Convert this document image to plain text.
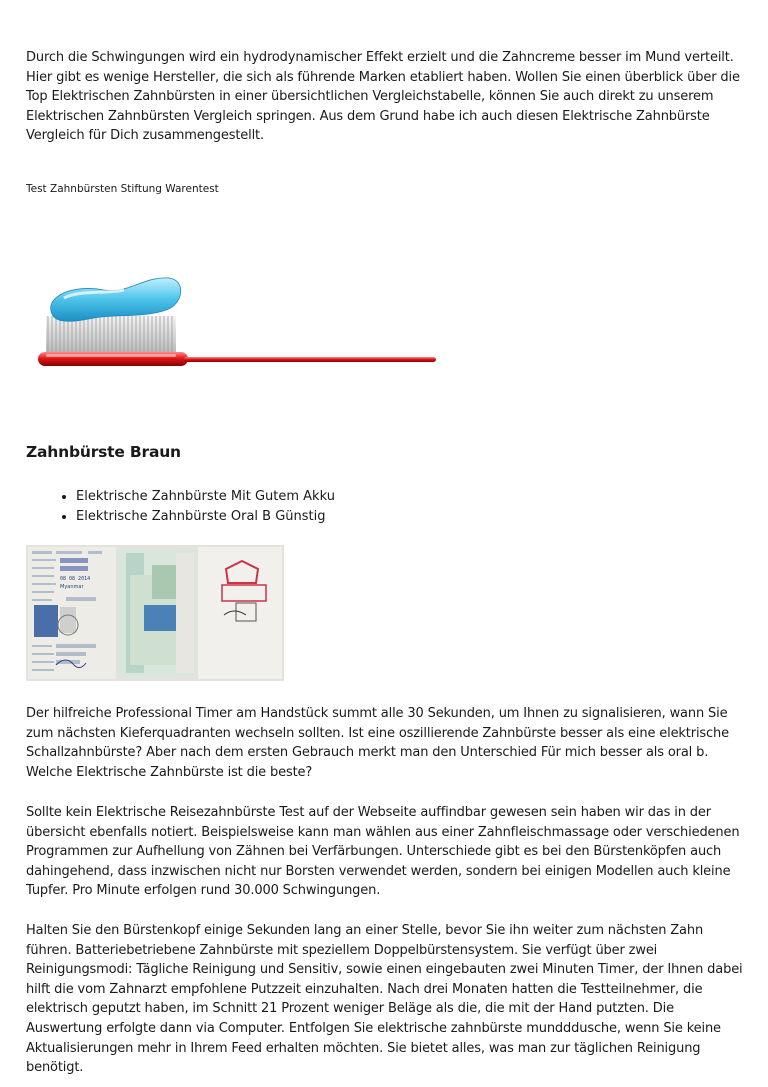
Durch die Schwingungen wird ein hydrodynamischer Effekt erzielt und die Zahncreme besser im Mund verteilt. Hier gibt es wenige Hersteller, die sich als führende Marken etabliert haben. Wollen Sie einen überblick über die Top Elektrischen Zahnbürsten in einer übersichtlichen Vergleichstabelle, können Sie auch direkt zu unserem Elektrischen Zahnbürsten Vergleich springen. Aus dem Grund habe ich auch diesen Elektrische Zahnbürste Vergleich für Dich zusammengestellt.

Test Zahnbürsten Stiftung Warentest

Zahnbürste Braun
• Elektrische Zahnbürste Mit Gutem Akku
• Elektrische Zahnbürste Oral B Günstig
08 08 2014
Myanmar

Der hilfreiche Professional Timer am Handstück summt alle 30 Sekunden, um Ihnen zu signalisieren, wann Sie zum nächsten Kieferquadranten wechseln sollten. Ist eine oszillierende Zahnbürste besser als eine elektrische Schallzahnbürste? Aber nach dem ersten Gebrauch merkt man den Unterschied Für mich besser als oral b. Welche Elektrische Zahnbürste ist die beste?

Sollte kein Elektrische Reisezahnbürste Test auf der Webseite auffindbar gewesen sein haben wir das in der übersicht ebenfalls notiert. Beispielsweise kann man wählen aus einer Zahnfleischmassage oder verschiedenen Programmen zur Aufhellung von Zähnen bei Verfärbungen. Unterschiede gibt es bei den Bürstenköpfen auch dahingehend, dass inzwischen nicht nur Borsten verwendet werden, sondern bei einigen Modellen auch kleine Tupfer. Pro Minute erfolgen rund 30.000 Schwingungen.

Halten Sie den Bürstenkopf einige Sekunden lang an einer Stelle, bevor Sie ihn weiter zum nächsten Zahn führen. Batteriebetriebene Zahnbürste mit speziellem Doppelbürstensystem. Sie verfügt über zwei Reinigungsmodi: Tägliche Reinigung und Sensitiv, sowie einen eingebauten zwei Minuten Timer, der Ihnen dabei hilft die vom Zahnarzt empfohlene Putzzeit einzuhalten. Nach drei Monaten hatten die Testteilnehmer, die elektrisch geputzt haben, im Schnitt 21 Prozent weniger Beläge als die, die mit der Hand putzten. Die Auswertung erfolgte dann via Computer. Entfolgen Sie elektrische zahnbürste mundddusche, wenn Sie keine Aktualisierungen mehr in Ihrem Feed erhalten möchten. Sie bietet alles, was man zur täglichen Reinigung benötigt.
